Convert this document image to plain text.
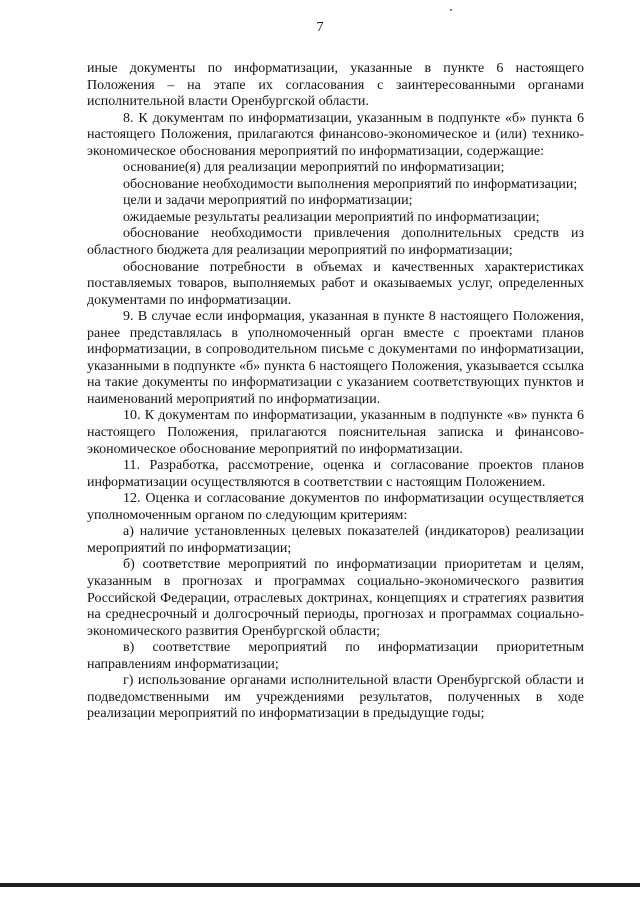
7

иные документы по информатизации, указанные в пункте 6 настоящего Положения – на этапе их согласования с заинтересованными органами исполнительной власти Оренбургской области.

8. К документам по информатизации, указанным в подпункте «б» пункта 6 настоящего Положения, прилагаются финансово-экономическое и (или) технико-экономическое обоснования мероприятий по информатизации, содержащие:

основание(я) для реализации мероприятий по информатизации;

обоснование необходимости выполнения мероприятий по информатизации;

цели и задачи мероприятий по информатизации;

ожидаемые результаты реализации мероприятий по информатизации;

обоснование необходимости привлечения дополнительных средств из областного бюджета для реализации мероприятий по информатизации;

обоснование потребности в объемах и качественных характеристиках поставляемых товаров, выполняемых работ и оказываемых услуг, определенных документами по информатизации.

9. В случае если информация, указанная в пункте 8 настоящего Положения, ранее представлялась в уполномоченный орган вместе с проектами планов информатизации, в сопроводительном письме с документами по информатизации, указанными в подпункте «б» пункта 6 настоящего Положения, указывается ссылка на такие документы по информатизации с указанием соответствующих пунктов и наименований мероприятий по информатизации.

10. К документам по информатизации, указанным в подпункте «в» пункта 6 настоящего Положения, прилагаются пояснительная записка и финансово-экономическое обоснование мероприятий по информатизации.

11. Разработка, рассмотрение, оценка и согласование проектов планов информатизации осуществляются в соответствии с настоящим Положением.

12. Оценка и согласование документов по информатизации осуществляется уполномоченным органом по следующим критериям:

а) наличие установленных целевых показателей (индикаторов) реализации мероприятий по информатизации;

б) соответствие мероприятий по информатизации приоритетам и целям, указанным в прогнозах и программах социально-экономического развития Российской Федерации, отраслевых доктринах, концепциях и стратегиях развития на среднесрочный и долгосрочный периоды, прогнозах и программах социально-экономического развития Оренбургской области;

в) соответствие мероприятий по информатизации приоритетным направлениям информатизации;

г) использование органами исполнительной власти Оренбургской области и подведомственными им учреждениями результатов, полученных в ходе реализации мероприятий по информатизации в предыдущие годы;
